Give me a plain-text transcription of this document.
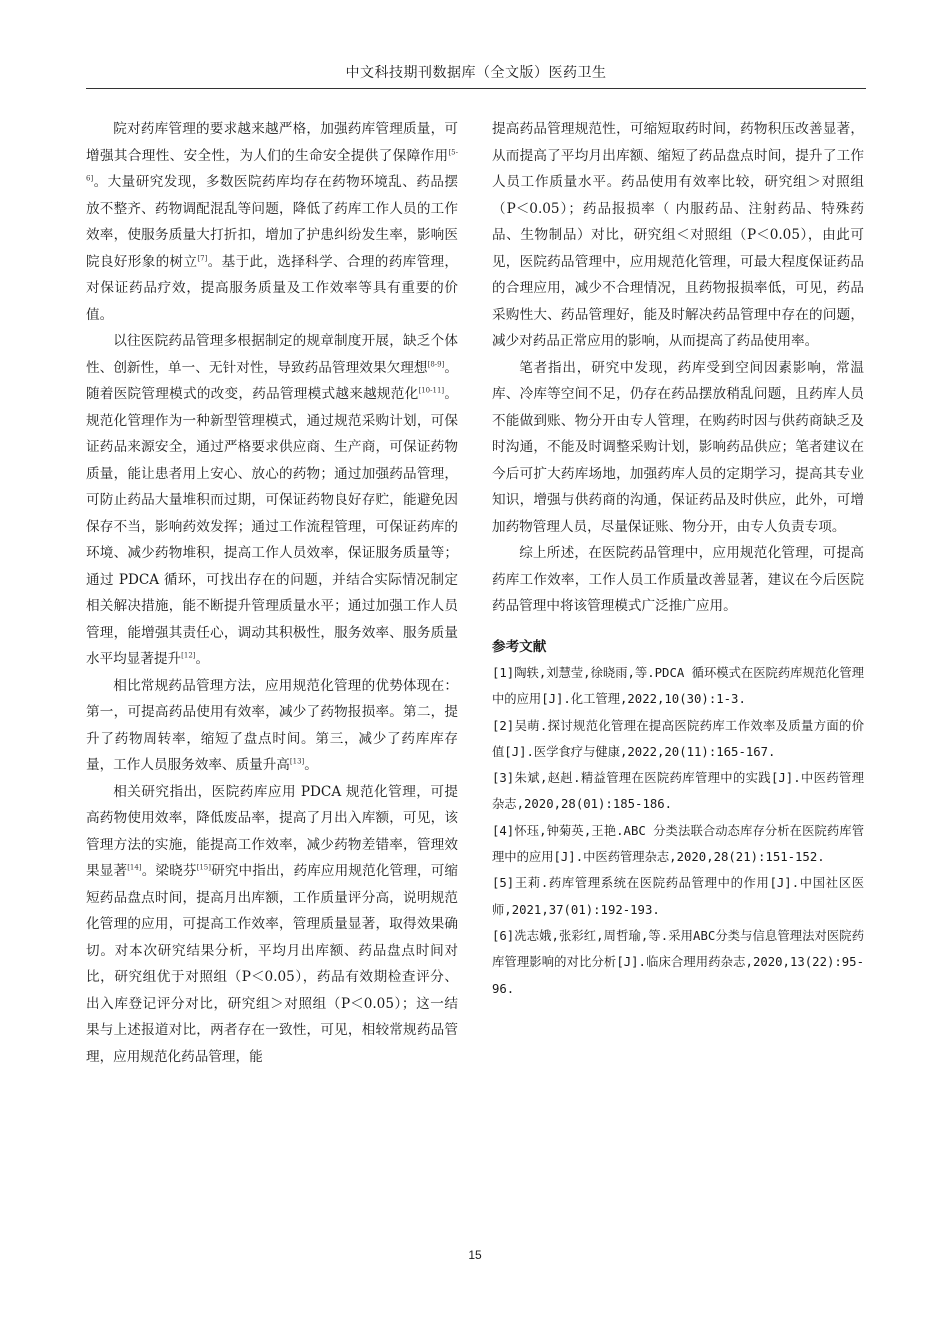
中文科技期刊数据库（全文版）医药卫生

院对药库管理的要求越来越严格，加强药库管理质量，可增强其合理性、安全性，为人们的生命安全提供了保障作用[5-6]。大量研究发现，多数医院药库均存在药物环境乱、药品摆放不整齐、药物调配混乱等问题，降低了药库工作人员的工作效率，使服务质量大打折扣，增加了护患纠纷发生率，影响医院良好形象的树立[7]。基于此，选择科学、合理的药库管理，对保证药品疗效，提高服务质量及工作效率等具有重要的价值。

以往医院药品管理多根据制定的规章制度开展，缺乏个体性、创新性，单一、无针对性，导致药品管理效果欠理想[8-9]。随着医院管理模式的改变，药品管理模式越来越规范化[10-11]。规范化管理作为一种新型管理模式，通过规范采购计划，可保证药品来源安全，通过严格要求供应商、生产商，可保证药物质量，能让患者用上安心、放心的药物；通过加强药品管理，可防止药品大量堆积而过期，可保证药物良好存贮，能避免因保存不当，影响药效发挥；通过工作流程管理，可保证药库的环境、减少药物堆积，提高工作人员效率，保证服务质量等；通过 PDCA 循环，可找出存在的问题，并结合实际情况制定相关解决措施，能不断提升管理质量水平；通过加强工作人员管理，能增强其责任心，调动其积极性，服务效率、服务质量水平均显著提升[12]。

相比常规药品管理方法，应用规范化管理的优势体现在：第一，可提高药品使用有效率，减少了药物报损率。第二，提升了药物周转率，缩短了盘点时间。第三，减少了药库库存量，工作人员服务效率、质量升高[13]。

相关研究指出，医院药库应用 PDCA 规范化管理，可提高药物使用效率，降低废品率，提高了月出入库额，可见，该管理方法的实施，能提高工作效率，减少药物差错率，管理效果显著[14]。梁晓芬[15]研究中指出，药库应用规范化管理，可缩短药品盘点时间，提高月出库额，工作质量评分高，说明规范化管理的应用，可提高工作效率，管理质量显著，取得效果确切。对本次研究结果分析，平均月出库额、药品盘点时间对比，研究组优于对照组（P＜0.05），药品有效期检查评分、出入库登记评分对比，研究组＞对照组（P＜0.05）；这一结果与上述报道对比，两者存在一致性，可见，相较常规药品管理，应用规范化药品管理，能

提高药品管理规范性，可缩短取药时间，药物积压改善显著，从而提高了平均月出库额、缩短了药品盘点时间，提升了工作人员工作质量水平。药品使用有效率比较，研究组＞对照组（P＜0.05）；药品报损率（ 内服药品、注射药品、特殊药品、生物制品）对比，研究组＜对照组（P＜0.05），由此可见，医院药品管理中，应用规范化管理，可最大程度保证药品的合理应用，减少不合理情况，且药物报损率低，可见，药品采购性大、药品管理好，能及时解决药品管理中存在的问题，减少对药品正常应用的影响，从而提高了药品使用率。

笔者指出，研究中发现，药库受到空间因素影响，常温库、冷库等空间不足，仍存在药品摆放稍乱问题，且药库人员不能做到账、物分开由专人管理，在购药时因与供药商缺乏及时沟通，不能及时调整采购计划，影响药品供应；笔者建议在今后可扩大药库场地，加强药库人员的定期学习，提高其专业知识，增强与供药商的沟通，保证药品及时供应，此外，可增加药物管理人员，尽量保证账、物分开，由专人负责专项。

综上所述，在医院药品管理中，应用规范化管理，可提高药库工作效率，工作人员工作质量改善显著，建议在今后医院药品管理中将该管理模式广泛推广应用。

参考文献

[1]陶轶,刘慧莹,徐晓雨,等.PDCA 循环模式在医院药库规范化管理中的应用[J].化工管理,2022,10(30):1-3.

[2]吴萌.探讨规范化管理在提高医院药库工作效率及质量方面的价值[J].医学食疗与健康,2022,20(11):165-167.

[3]朱斌,赵赳.精益管理在医院药库管理中的实践[J].中医药管理杂志,2020,28(01):185-186.

[4]怀珏,钟菊英,王艳.ABC 分类法联合动态库存分析在医院药库管理中的应用[J].中医药管理杂志,2020,28(21):151-152.

[5]王莉.药库管理系统在医院药品管理中的作用[J].中国社区医师,2021,37(01):192-193.

[6]冼志娥,张彩红,周哲瑜,等.采用ABC分类与信息管理法对医院药库管理影响的对比分析[J].临床合理用药杂志,2020,13(22):95-96.

15
